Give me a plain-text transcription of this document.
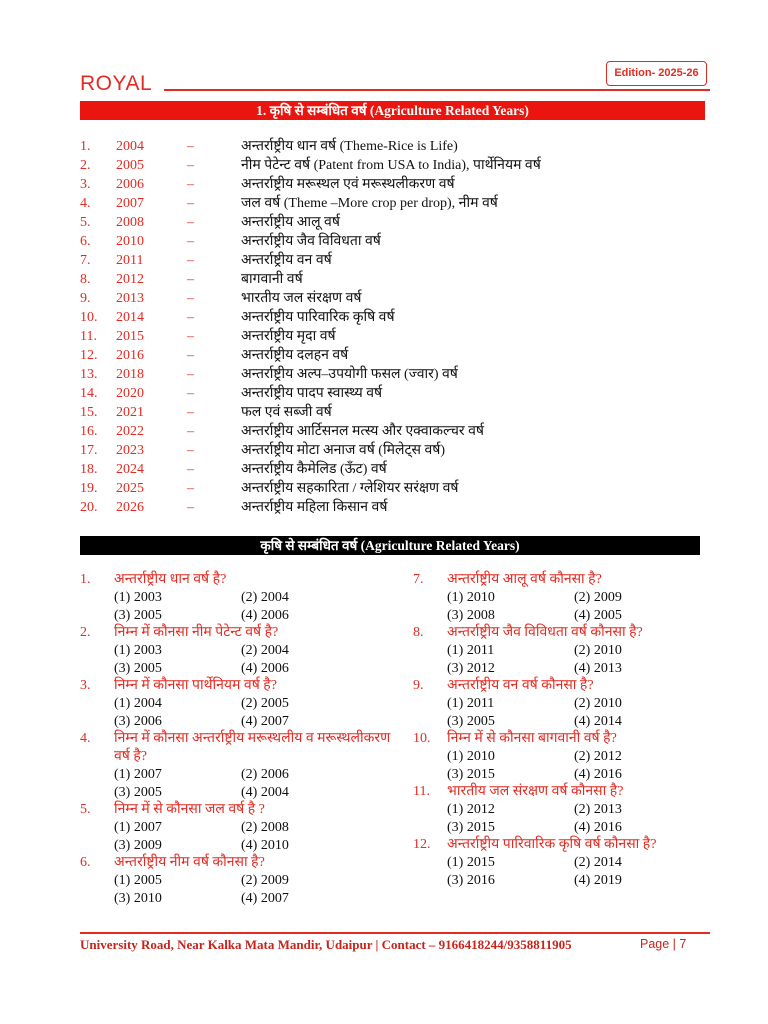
ROYAL	Edition- 2025-26
1. कृषि से सम्बंधित वर्ष (Agriculture Related Years)
1. 2004	–	अन्तर्राष्ट्रीय धान वर्ष (Theme-Rice is Life)
2. 2005	–	नीम पेटेन्ट वर्ष (Patent from USA to India), पार्थेनियम वर्ष
3. 2006	–	अन्तर्राष्ट्रीय मरूस्थल एवं मरूस्थलीकरण वर्ष
4. 2007	–	जल वर्ष (Theme –More crop per drop), नीम वर्ष
5. 2008	–	अन्तर्राष्ट्रीय आलू वर्ष
6. 2010	–	अन्तर्राष्ट्रीय जैव विविधता वर्ष
7. 2011	–	अन्तर्राष्ट्रीय वन वर्ष
8. 2012	–	बागवानी वर्ष
9. 2013	–	भारतीय जल संरक्षण वर्ष
10. 2014	–	अन्तर्राष्ट्रीय पारिवारिक कृषि वर्ष
11. 2015	–	अन्तर्राष्ट्रीय मृदा वर्ष
12. 2016	–	अन्तर्राष्ट्रीय दलहन वर्ष
13. 2018	–	अन्तर्राष्ट्रीय अल्प–उपयोगी फसल (ज्वार) वर्ष
14. 2020	–	अन्तर्राष्ट्रीय पादप स्वास्थ्य वर्ष
15. 2021	–	फल एवं सब्जी वर्ष
16. 2022	–	अन्तर्राष्ट्रीय आर्टिसनल मत्स्य और एक्वाकल्चर वर्ष
17. 2023	–	अन्तर्राष्ट्रीय मोटा अनाज वर्ष (मिलेट्स वर्ष)
18. 2024	–	अन्तर्राष्ट्रीय कैमेलिड (ऊँट) वर्ष
19. 2025	–	अन्तर्राष्ट्रीय सहकारिता / ग्लेशियर सरंक्षण वर्ष
20. 2026	–	अन्तर्राष्ट्रीय महिला किसान वर्ष
कृषि से सम्बंधित वर्ष (Agriculture Related Years)
1. अन्तर्राष्ट्रीय धान वर्ष है?
(1) 2003	(2) 2004
(3) 2005	(4) 2006
2. निम्न में कौनसा नीम पेटेन्ट वर्ष है?
(1) 2003	(2) 2004
(3) 2005	(4) 2006
3. निम्न में कौनसा पार्थेनियम वर्ष है?
(1) 2004	(2) 2005
(3) 2006	(4) 2007
4. निम्न में कौनसा अन्तर्राष्ट्रीय मरूस्थलीय व मरूस्थलीकरण वर्ष है?
(1) 2007	(2) 2006
(3) 2005	(4) 2004
5. निम्न में से कौनसा जल वर्ष है ?
(1) 2007	(2) 2008
(3) 2009	(4) 2010
6. अन्तर्राष्ट्रीय नीम वर्ष कौनसा है?
(1) 2005	(2) 2009
(3) 2010	(4) 2007
7. अन्तर्राष्ट्रीय आलू वर्ष कौनसा है?
(1) 2010	(2) 2009
(3) 2008	(4) 2005
8. अन्तर्राष्ट्रीय जैव विविधता वर्ष कौनसा है?
(1) 2011	(2) 2010
(3) 2012	(4) 2013
9. अन्तर्राष्ट्रीय वन वर्ष कौनसा है?
(1) 2011	(2) 2010
(3) 2005	(4) 2014
10. निम्न में से कौनसा बागवानी वर्ष है?
(1) 2010	(2) 2012
(3) 2015	(4) 2016
11. भारतीय जल संरक्षण वर्ष कौनसा है?
(1) 2012	(2) 2013
(3) 2015	(4) 2016
12. अन्तर्राष्ट्रीय पारिवारिक कृषि वर्ष कौनसा है?
(1) 2015	(2) 2014
(3) 2016	(4) 2019
University Road, Near Kalka Mata Mandir, Udaipur | Contact – 9166418244/9358811905	Page | 7
